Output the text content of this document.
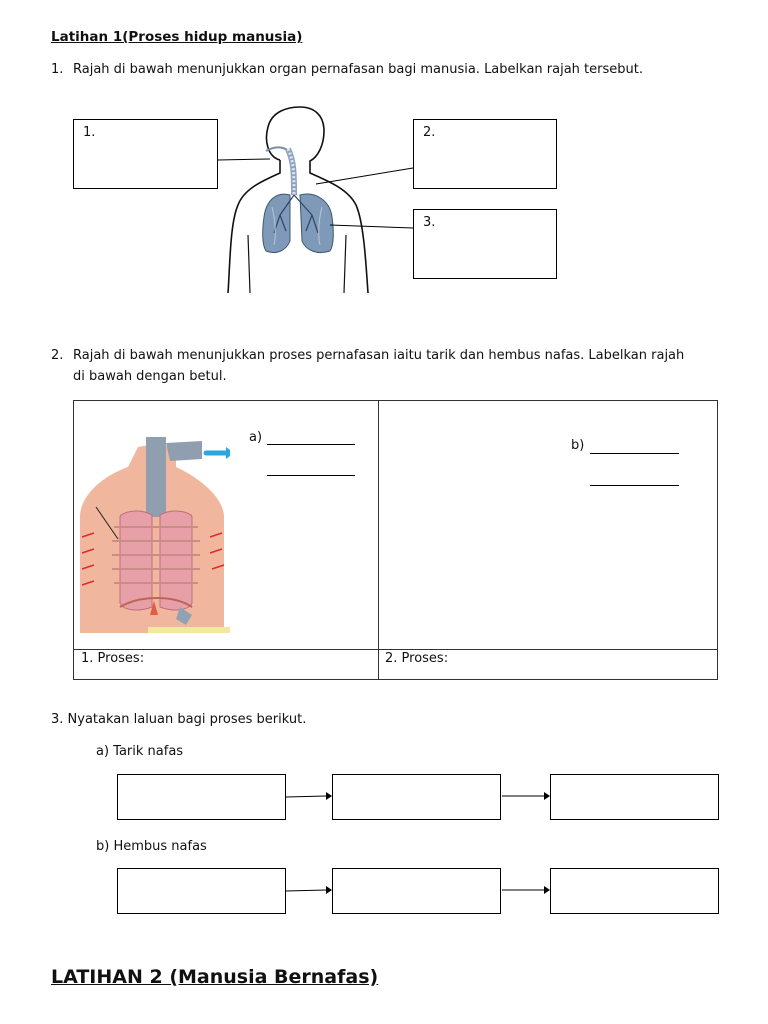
Latihan 1(Proses hidup manusia)
1. Rajah di bawah menunjukkan organ pernafasan bagi manusia. Labelkan rajah tersebut.
1.	2.
3.
2. Rajah di bawah menunjukkan proses pernafasan iaitu tarik dan hembus nafas. Labelkan rajah
di bawah dengan betul.
a)
b)
1. Proses:	2. Proses:
3. Nyatakan laluan bagi proses berikut.
a) Tarik nafas
b) Hembus nafas
LATIHAN 2 (Manusia Bernafas)
